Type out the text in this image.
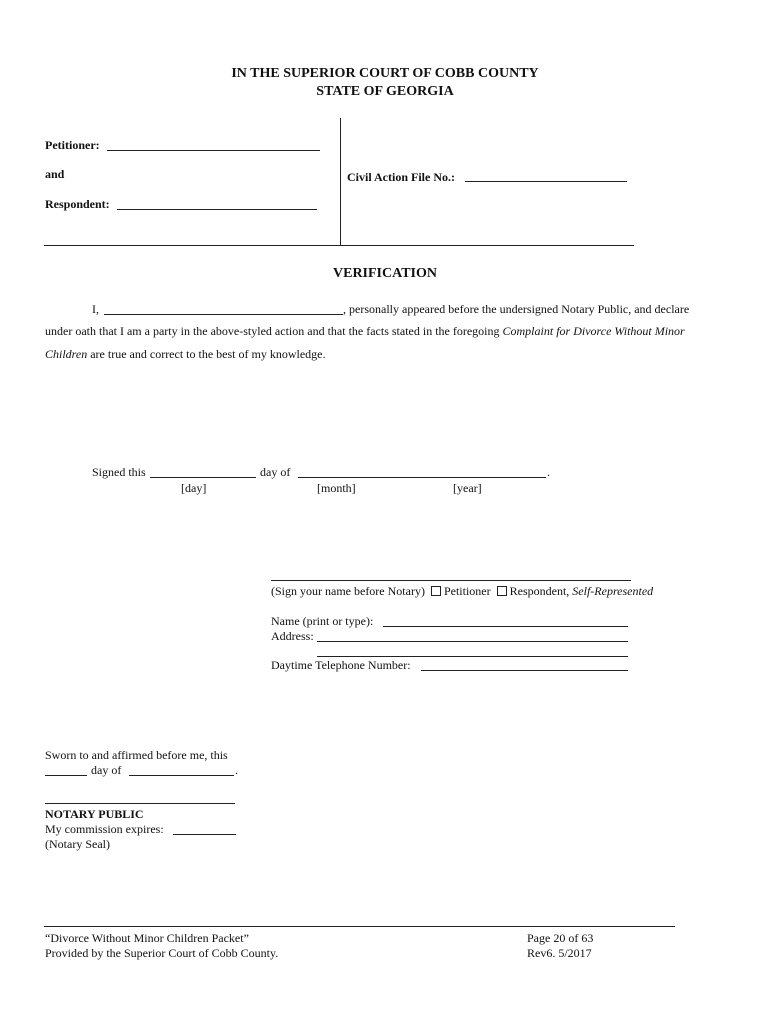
IN THE SUPERIOR COURT OF COBB COUNTY
STATE OF GEORGIA
Petitioner:
and
Respondent:
Civil Action File No.:
VERIFICATION
I,	, personally appeared before the undersigned Notary Public, and declare
under oath that I am a party in the above-styled action and that the facts stated in the foregoing Complaint for Divorce Without Minor
Children are true and correct to the best of my knowledge.
Signed this	day of	.
[day]	[month]	[year]
(Sign your name before Notary) Petitioner Respondent, Self-Represented
Name (print or type):
Address:
Daytime Telephone Number:
Sworn to and affirmed before me, this
day of	.
NOTARY PUBLIC
My commission expires:
(Notary Seal)
“Divorce Without Minor Children Packet”
Provided by the Superior Court of Cobb County.
Page 20 of 63
Rev6. 5/2017
